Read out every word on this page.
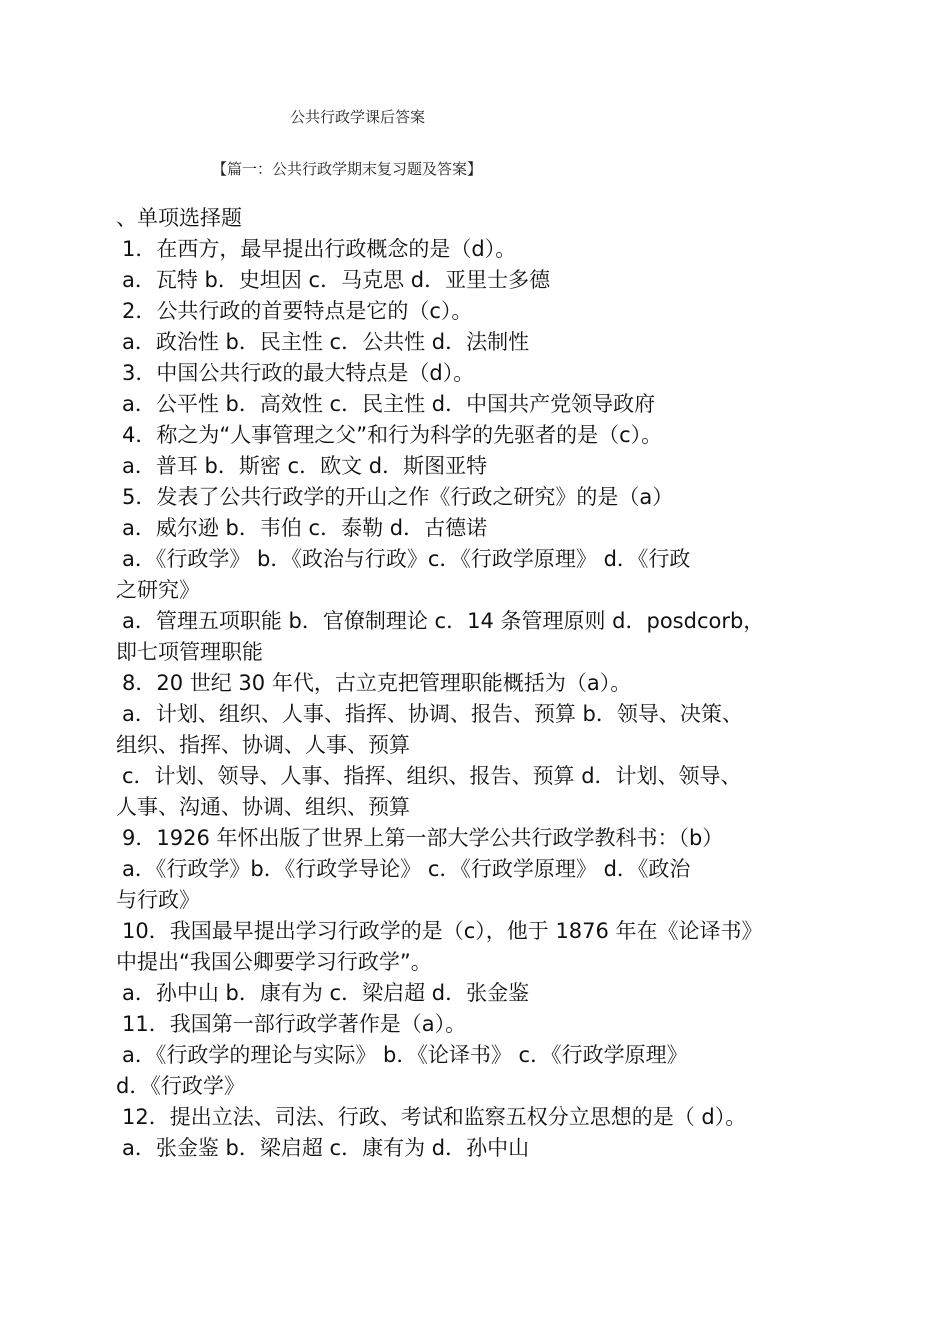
公共行政学课后答案
【篇一：公共行政学期末复习题及答案】
、单项选择题
1．在西方，最早提出行政概念的是（d）。
a．瓦特 b．史坦因 c．马克思 d．亚里士多德
2．公共行政的首要特点是它的（c）。
a．政治性 b．民主性 c．公共性 d．法制性
3．中国公共行政的最大特点是（d）。
a．公平性 b．高效性 c．民主性 d．中国共产党领导政府
4．称之为“人事管理之父”和行为科学的先驱者的是（c）。
a．普耳 b．斯密 c．欧文 d．斯图亚特
5．发表了公共行政学的开山之作《行政之研究》的是（a）
a．威尔逊 b．韦伯 c．泰勒 d．古德诺
a．《行政学》 b．《政治与行政》c．《行政学原理》 d．《行政
之研究》
a．管理五项职能 b．官僚制理论 c．14 条管理原则 d．posdcorb，
即七项管理职能
8．20 世纪 30 年代，古立克把管理职能概括为（a）。
a．计划、组织、人事、指挥、协调、报告、预算 b．领导、决策、
组织、指挥、协调、人事、预算
c．计划、领导、人事、指挥、组织、报告、预算 d．计划、领导、
人事、沟通、协调、组织、预算
9．1926 年怀出版了世界上第一部大学公共行政学教科书：（b）
a．《行政学》b．《行政学导论》 c．《行政学原理》 d．《政治
与行政》
10．我国最早提出学习行政学的是（c），他于 1876 年在《论译书》
中提出“我国公卿要学习行政学”。
a．孙中山 b．康有为 c．梁启超 d．张金鉴
11．我国第一部行政学著作是（a）。
a．《行政学的理论与实际》 b．《论译书》 c．《行政学原理》
d．《行政学》
12．提出立法、司法、行政、考试和监察五权分立思想的是（ d）。
a．张金鉴 b．梁启超 c．康有为 d．孙中山
